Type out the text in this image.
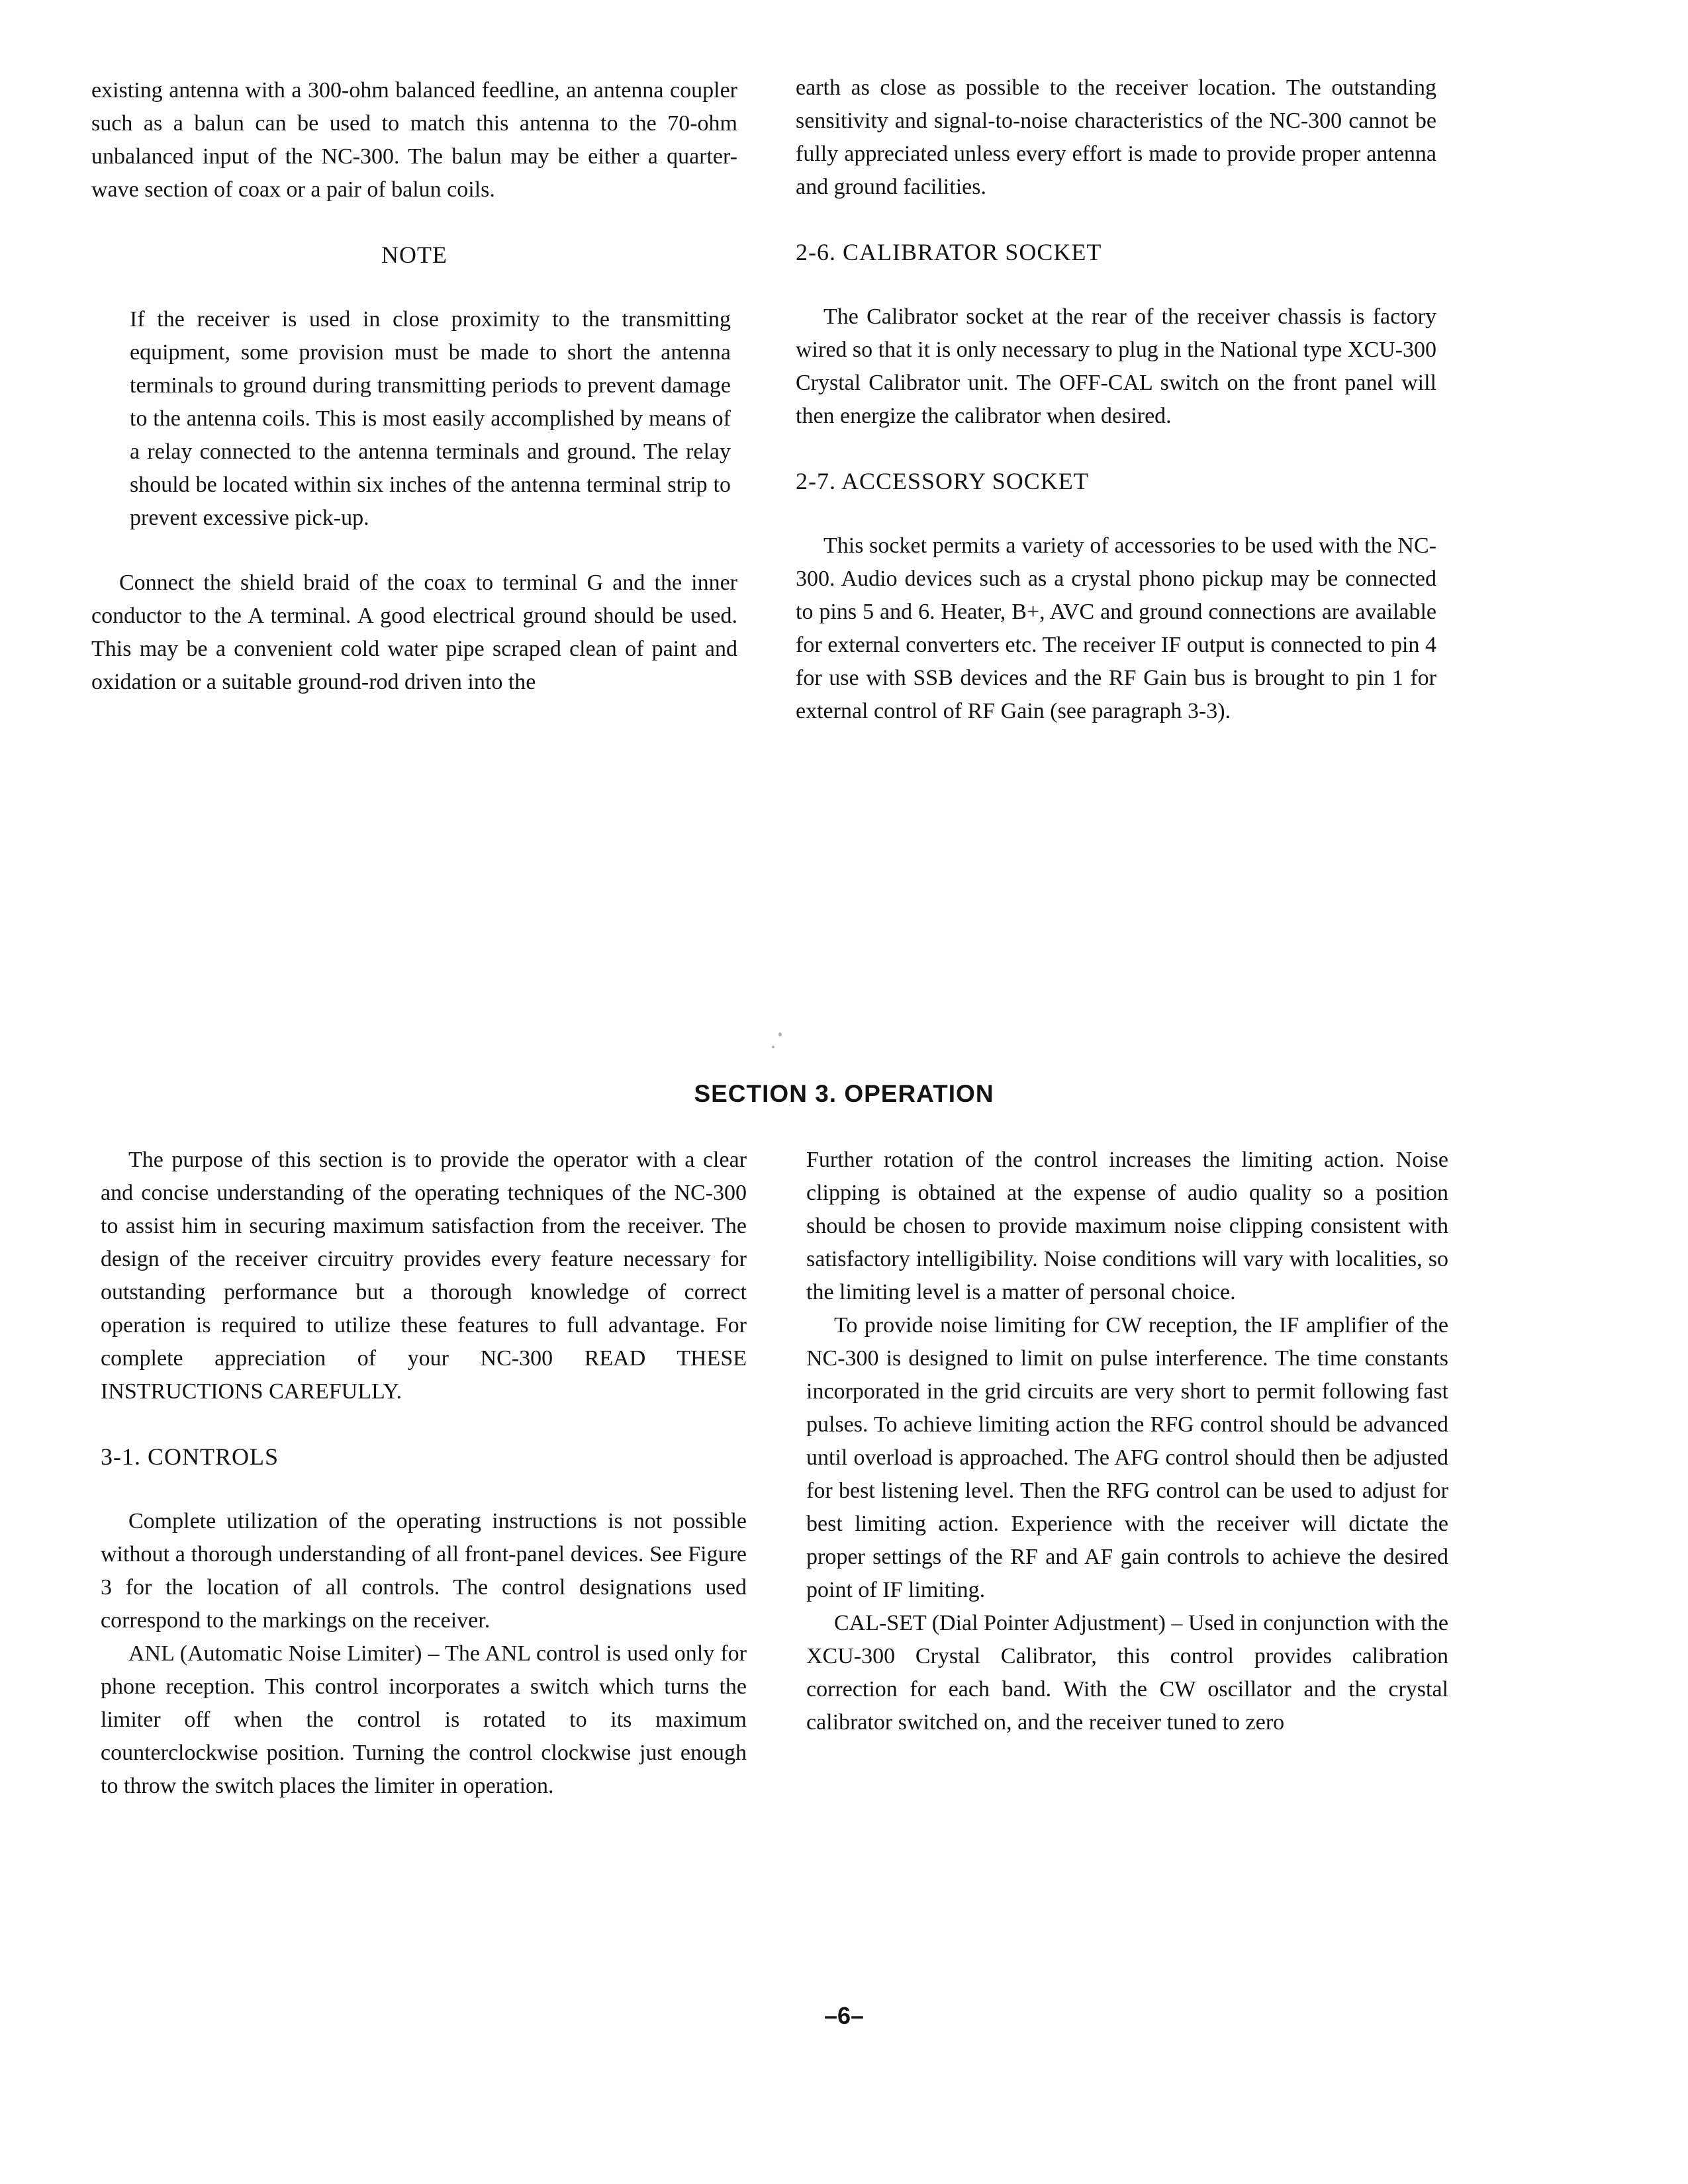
existing antenna with a 300-ohm balanced feedline, an antenna coupler such as a balun can be used to match this antenna to the 70-ohm unbalanced input of the NC-300. The balun may be either a quarter-wave section of coax or a pair of balun coils.

NOTE

If the receiver is used in close proximity to the transmitting equipment, some provision must be made to short the antenna terminals to ground during transmitting periods to prevent damage to the antenna coils. This is most easily accomplished by means of a relay connected to the antenna terminals and ground. The relay should be located within six inches of the antenna terminal strip to prevent excessive pick-up.

Connect the shield braid of the coax to terminal G and the inner conductor to the A terminal. A good electrical ground should be used. This may be a convenient cold water pipe scraped clean of paint and oxidation or a suitable ground-rod driven into the

earth as close as possible to the receiver location. The outstanding sensitivity and signal-to-noise characteristics of the NC-300 cannot be fully appreciated unless every effort is made to provide proper antenna and ground facilities.

2-6. CALIBRATOR SOCKET

The Calibrator socket at the rear of the receiver chassis is factory wired so that it is only necessary to plug in the National type XCU-300 Crystal Calibrator unit. The OFF-CAL switch on the front panel will then energize the calibrator when desired.

2-7. ACCESSORY SOCKET

This socket permits a variety of accessories to be used with the NC-300. Audio devices such as a crystal phono pickup may be connected to pins 5 and 6. Heater, B+, AVC and ground connections are available for external converters etc. The receiver IF output is connected to pin 4 for use with SSB devices and the RF Gain bus is brought to pin 1 for external control of RF Gain (see paragraph 3-3).

SECTION 3. OPERATION

The purpose of this section is to provide the operator with a clear and concise understanding of the operating techniques of the NC-300 to assist him in securing maximum satisfaction from the receiver. The design of the receiver circuitry provides every feature necessary for outstanding performance but a thorough knowledge of correct operation is required to utilize these features to full advantage. For complete appreciation of your NC-300 READ THESE INSTRUCTIONS CAREFULLY.

3-1. CONTROLS

Complete utilization of the operating instructions is not possible without a thorough understanding of all front-panel devices. See Figure 3 for the location of all controls. The control designations used correspond to the markings on the receiver.

ANL (Automatic Noise Limiter) – The ANL control is used only for phone reception. This control incorporates a switch which turns the limiter off when the control is rotated to its maximum counterclockwise position. Turning the control clockwise just enough to throw the switch places the limiter in operation.

Further rotation of the control increases the limiting action. Noise clipping is obtained at the expense of audio quality so a position should be chosen to provide maximum noise clipping consistent with satisfactory intelligibility. Noise conditions will vary with localities, so the limiting level is a matter of personal choice.

To provide noise limiting for CW reception, the IF amplifier of the NC-300 is designed to limit on pulse interference. The time constants incorporated in the grid circuits are very short to permit following fast pulses. To achieve limiting action the RFG control should be advanced until overload is approached. The AFG control should then be adjusted for best listening level. Then the RFG control can be used to adjust for best limiting action. Experience with the receiver will dictate the proper settings of the RF and AF gain controls to achieve the desired point of IF limiting.

CAL-SET (Dial Pointer Adjustment) – Used in conjunction with the XCU-300 Crystal Calibrator, this control provides calibration correction for each band. With the CW oscillator and the crystal calibrator switched on, and the receiver tuned to zero

–6–
